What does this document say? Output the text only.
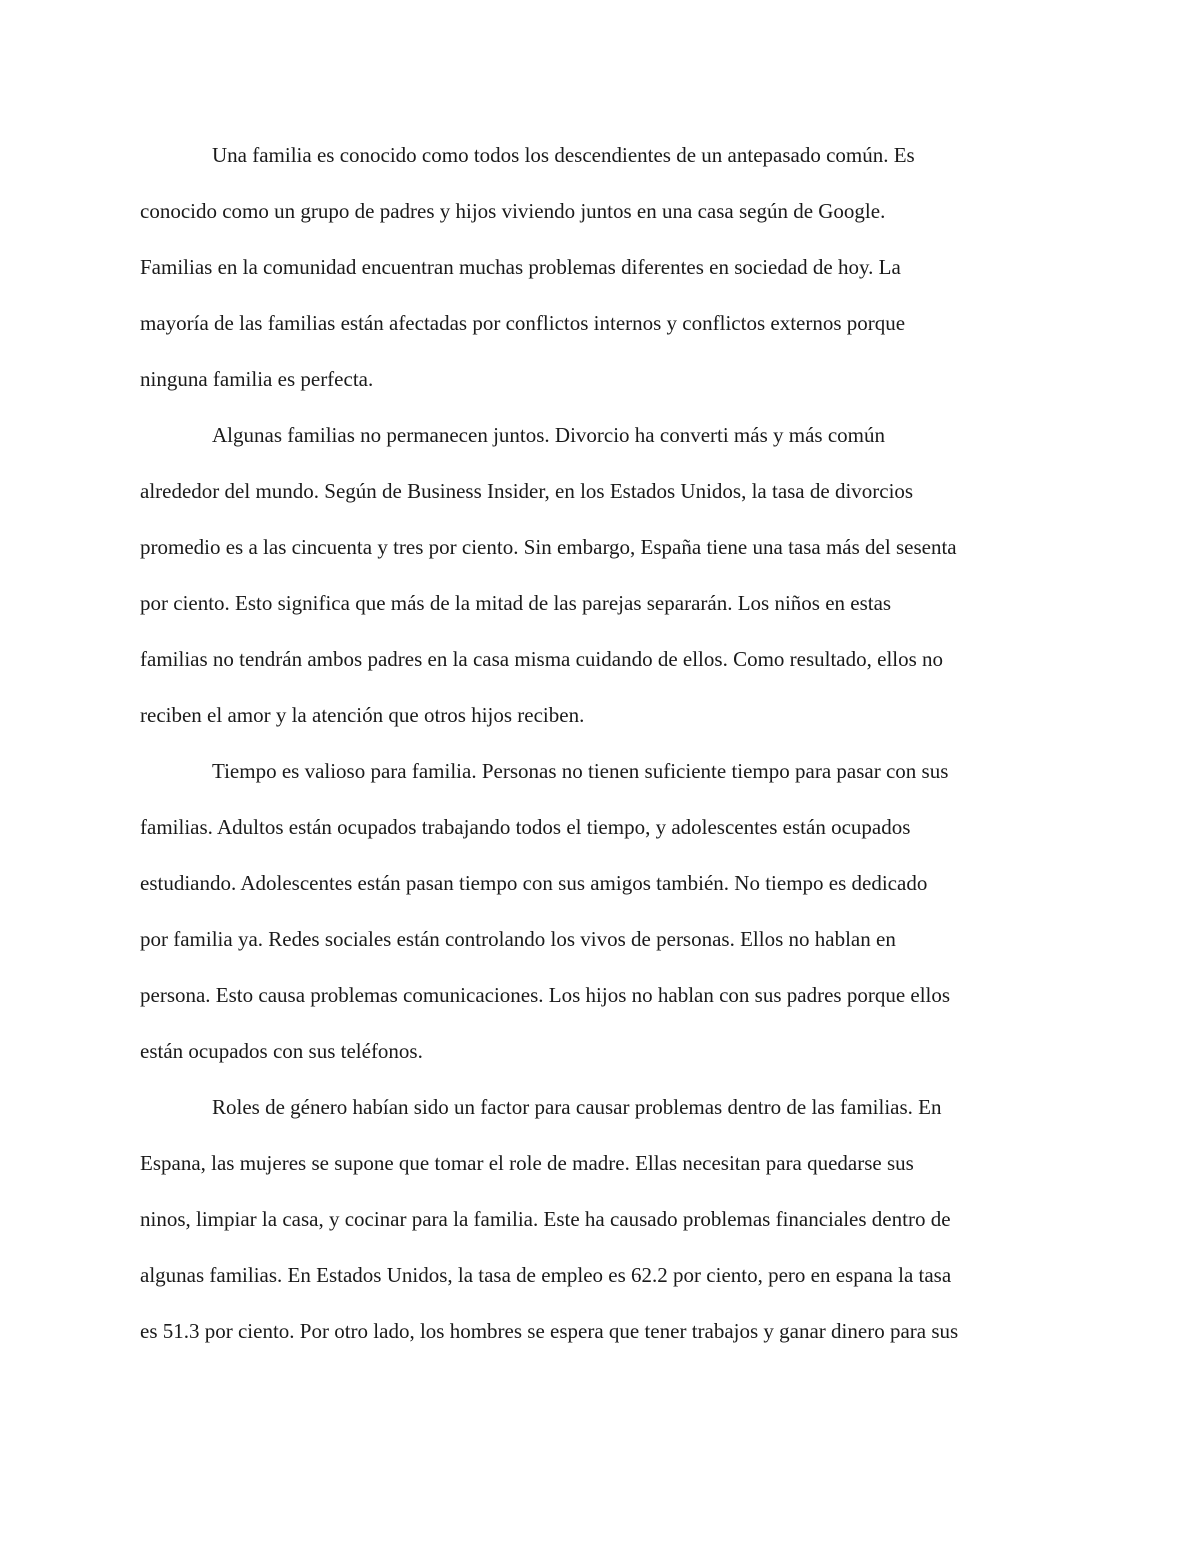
Una familia es conocido como todos los descendientes de un antepasado común. Es
conocido como un grupo de padres y hijos viviendo juntos en una casa según de Google.
Familias en la comunidad encuentran muchas problemas diferentes en sociedad de hoy. La
mayoría de las familias están afectadas por conflictos internos y conflictos externos porque
ninguna familia es perfecta.
Algunas familias no permanecen juntos. Divorcio ha converti más y más común
alrededor del mundo. Según de Business Insider, en los Estados Unidos, la tasa de divorcios
promedio es a las cincuenta y tres por ciento. Sin embargo, España tiene una tasa más del sesenta
por ciento. Esto significa que más de la mitad de las parejas separarán. Los niños en estas
familias no tendrán ambos padres en la casa misma cuidando de ellos. Como resultado, ellos no
reciben el amor y la atención que otros hijos reciben.
Tiempo es valioso para familia. Personas no tienen suficiente tiempo para pasar con sus
familias. Adultos están ocupados trabajando todos el tiempo, y adolescentes están ocupados
estudiando. Adolescentes están pasan tiempo con sus amigos también. No tiempo es dedicado
por familia ya. Redes sociales están controlando los vivos de personas. Ellos no hablan en
persona. Esto causa problemas comunicaciones. Los hijos no hablan con sus padres porque ellos
están ocupados con sus teléfonos.
Roles de género habían sido un factor para causar problemas dentro de las familias. En
Espana, las mujeres se supone que tomar el role de madre. Ellas necesitan para quedarse sus
ninos, limpiar la casa, y cocinar para la familia. Este ha causado problemas financiales dentro de
algunas familias. En Estados Unidos, la tasa de empleo es 62.2 por ciento, pero en espana la tasa
es 51.3 por ciento. Por otro lado, los hombres se espera que tener trabajos y ganar dinero para sus
